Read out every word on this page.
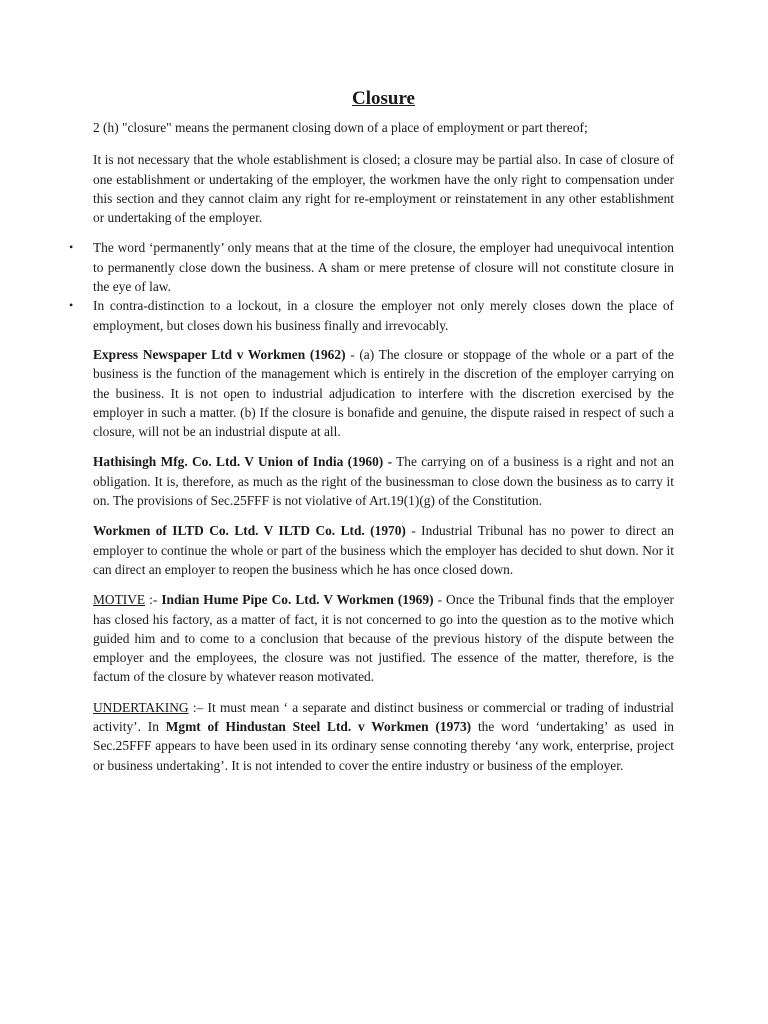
Closure

2 (h) "closure" means the permanent closing down of a place of employment or part thereof;

It is not necessary that the whole establishment is closed; a closure may be partial also. In case of closure of one establishment or undertaking of the employer, the workmen have the only right to compensation under this section and they cannot claim any right for re-employment or reinstatement in any other establishment or undertaking of the employer.

• The word ‘permanently’ only means that at the time of the closure, the employer had unequivocal intention to permanently close down the business. A sham or mere pretense of closure will not constitute closure in the eye of law.
• In contra-distinction to a lockout, in a closure the employer not only merely closes down the place of employment, but closes down his business finally and irrevocably.

Express Newspaper Ltd v Workmen (1962) - (a) The closure or stoppage of the whole or a part of the business is the function of the management which is entirely in the discretion of the employer carrying on the business. It is not open to industrial adjudication to interfere with the discretion exercised by the employer in such a matter. (b) If the closure is bonafide and genuine, the dispute raised in respect of such a closure, will not be an industrial dispute at all.

Hathisingh Mfg. Co. Ltd. V Union of India (1960) - The carrying on of a business is a right and not an obligation. It is, therefore, as much as the right of the businessman to close down the business as to carry it on. The provisions of Sec.25FFF is not violative of Art.19(1)(g) of the Constitution.

Workmen of ILTD Co. Ltd. V ILTD Co. Ltd. (1970) - Industrial Tribunal has no power to direct an employer to continue the whole or part of the business which the employer has decided to shut down. Nor it can direct an employer to reopen the business which he has once closed down.

MOTIVE :- Indian Hume Pipe Co. Ltd. V Workmen (1969) - Once the Tribunal finds that the employer has closed his factory, as a matter of fact, it is not concerned to go into the question as to the motive which guided him and to come to a conclusion that because of the previous history of the dispute between the employer and the employees, the closure was not justified. The essence of the matter, therefore, is the factum of the closure by whatever reason motivated.

UNDERTAKING :– It must mean ‘ a separate and distinct business or commercial or trading of industrial activity’. In Mgmt of Hindustan Steel Ltd. v Workmen (1973) the word ‘undertaking’ as used in Sec.25FFF appears to have been used in its ordinary sense connoting thereby ‘any work, enterprise, project or business undertaking’. It is not intended to cover the entire industry or business of the employer.
